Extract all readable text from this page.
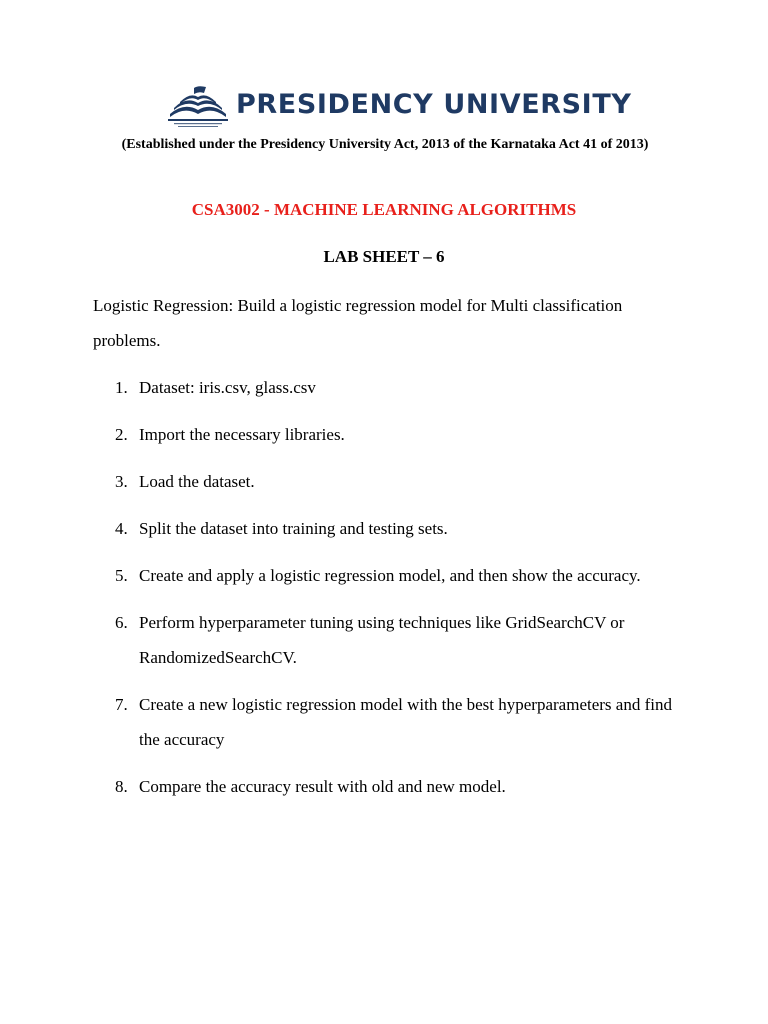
PRESIDENCY UNIVERSITY
(Established under the Presidency University Act, 2013 of the Karnataka Act 41 of 2013)
CSA3002 - MACHINE LEARNING ALGORITHMS
LAB SHEET – 6
Logistic Regression: Build a logistic regression model for Multi classification problems.
1. Dataset: iris.csv, glass.csv
2. Import the necessary libraries.
3. Load the dataset.
4. Split the dataset into training and testing sets.
5. Create and apply a logistic regression model, and then show the accuracy.
6. Perform hyperparameter tuning using techniques like GridSearchCV or RandomizedSearchCV.
7. Create a new logistic regression model with the best hyperparameters and find the accuracy
8. Compare the accuracy result with old and new model.
